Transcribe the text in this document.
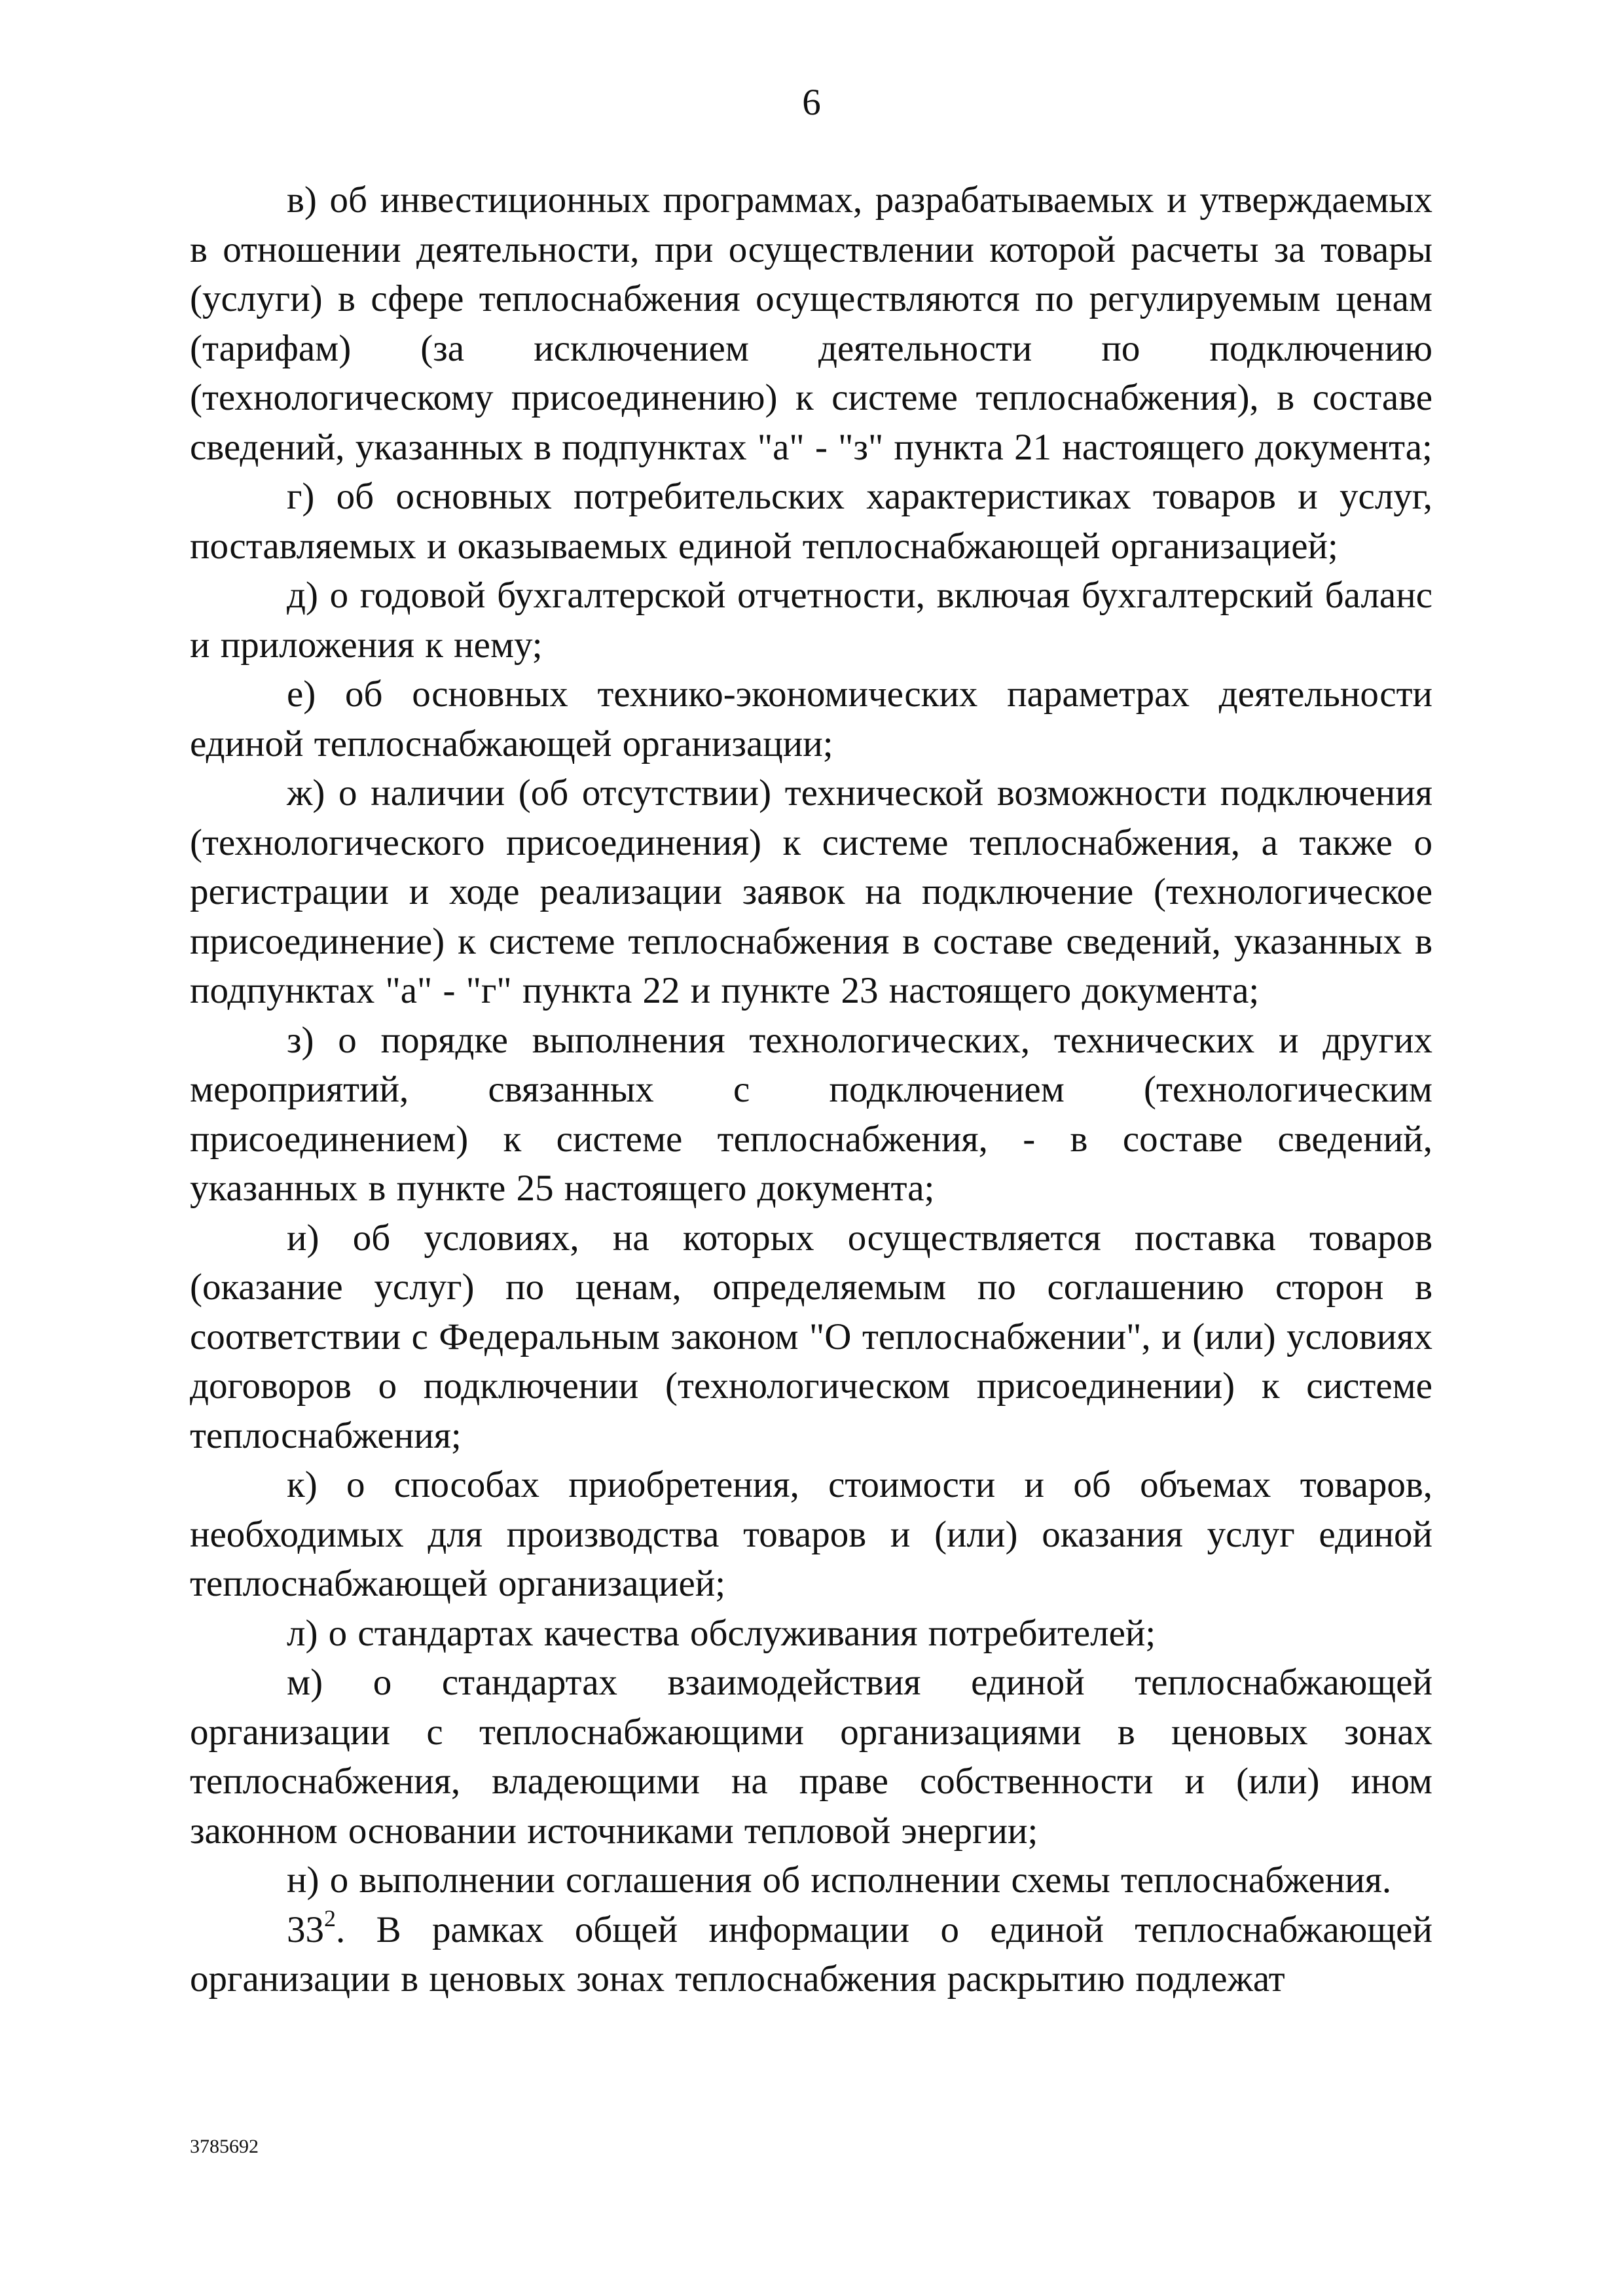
6

в) об инвестиционных программах, разрабатываемых и утверждаемых в отношении деятельности, при осуществлении которой расчеты за товары (услуги) в сфере теплоснабжения осуществляются по регулируемым ценам (тарифам) (за исключением деятельности по подключению (технологическому присоединению) к системе теплоснабжения), в составе сведений, указанных в подпунктах "а" - "з" пункта 21 настоящего документа;

г) об основных потребительских характеристиках товаров и услуг, поставляемых и оказываемых единой теплоснабжающей организацией;

д) о годовой бухгалтерской отчетности, включая бухгалтерский баланс и приложения к нему;

е) об основных технико-экономических параметрах деятельности единой теплоснабжающей организации;

ж) о наличии (об отсутствии) технической возможности подключения (технологического присоединения) к системе теплоснабжения, а также о регистрации и ходе реализации заявок на подключение (технологическое присоединение) к системе теплоснабжения в составе сведений, указанных в подпунктах "а" - "г" пункта 22 и пункте 23 настоящего документа;

з) о порядке выполнения технологических, технических и других мероприятий, связанных с подключением (технологическим присоединением) к системе теплоснабжения, - в составе сведений, указанных в пункте 25 настоящего документа;

и) об условиях, на которых осуществляется поставка товаров (оказание услуг) по ценам, определяемым по соглашению сторон в соответствии с Федеральным законом "О теплоснабжении", и (или) условиях договоров о подключении (технологическом присоединении) к системе теплоснабжения;

к) о способах приобретения, стоимости и об объемах товаров, необходимых для производства товаров и (или) оказания услуг единой теплоснабжающей организацией;

л) о стандартах качества обслуживания потребителей;

м) о стандартах взаимодействия единой теплоснабжающей организации с теплоснабжающими организациями в ценовых зонах теплоснабжения, владеющими на праве собственности и (или) ином законном основании источниками тепловой энергии;

н) о выполнении соглашения об исполнении схемы теплоснабжения.

$33^2$. В рамках общей информации о единой теплоснабжающей организации в ценовых зонах теплоснабжения раскрытию подлежат

3785692
